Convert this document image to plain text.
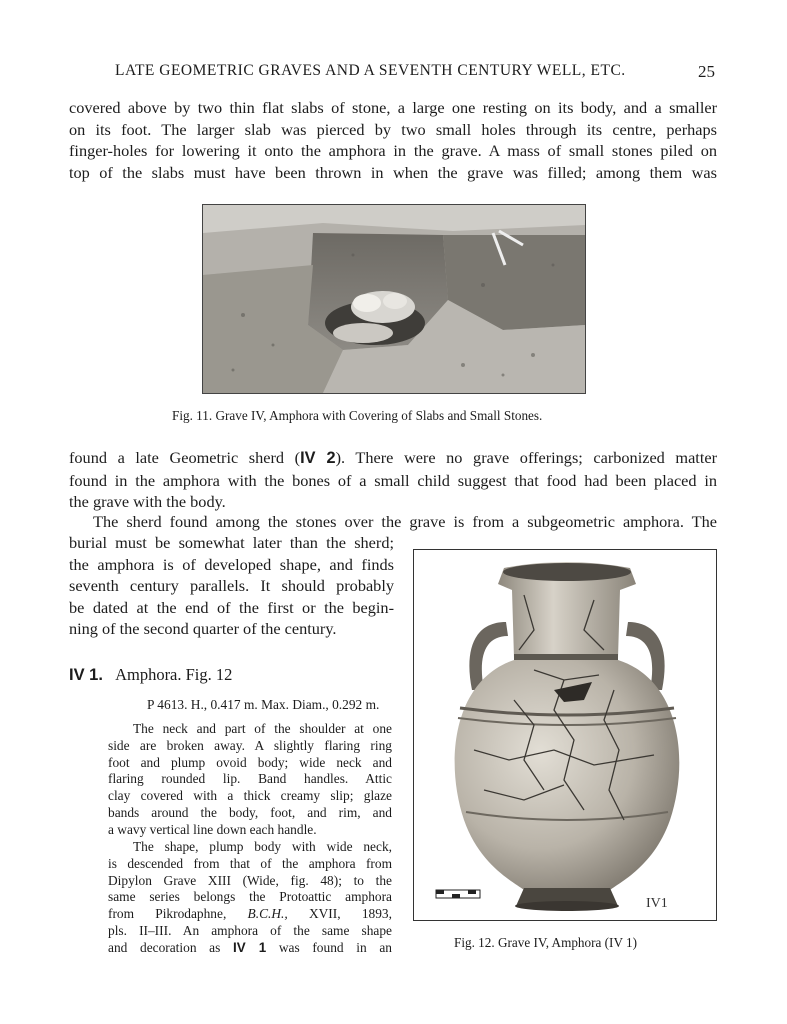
LATE GEOMETRIC GRAVES AND A SEVENTH CENTURY WELL, ETC.	25
covered above by two thin flat slabs of stone, a large one resting on its body, and a smaller
on its foot. The larger slab was pierced by two small holes through its centre, perhaps
finger-holes for lowering it onto the amphora in the grave. A mass of small stones piled on
top of the slabs must have been thrown in when the grave was filled; among them was
Fig. 11. Grave IV, Amphora with Covering of Slabs and Small Stones.
found a late Geometric sherd (IV 2). There were no grave offerings; carbonized matter
found in the amphora with the bones of a small child suggest that food had been placed in
the grave with the body.
The sherd found among the stones over the grave is from a subgeometric amphora. The
burial must be somewhat later than the sherd;
the amphora is of developed shape, and finds
seventh century parallels. It should probably
be dated at the end of the first or the begin-
ning of the second quarter of the century.
IV1
Fig. 12. Grave IV, Amphora (IV 1)
IV 1. Amphora. Fig. 12
P 4613. H., 0.417 m. Max. Diam., 0.292 m.
The neck and part of the shoulder at one
side are broken away. A slightly flaring ring
foot and plump ovoid body; wide neck and
flaring rounded lip. Band handles. Attic
clay covered with a thick creamy slip; glaze
bands around the body, foot, and rim, and
a wavy vertical line down each handle.
The shape, plump body with wide neck,
is descended from that of the amphora from
Dipylon Grave XIII (Wide, fig. 48); to the
same series belongs the Protoattic amphora
from Pikrodaphne, B.C.H., XVII, 1893,
pls. II–III. An amphora of the same shape
and decoration as IV 1 was found in an
